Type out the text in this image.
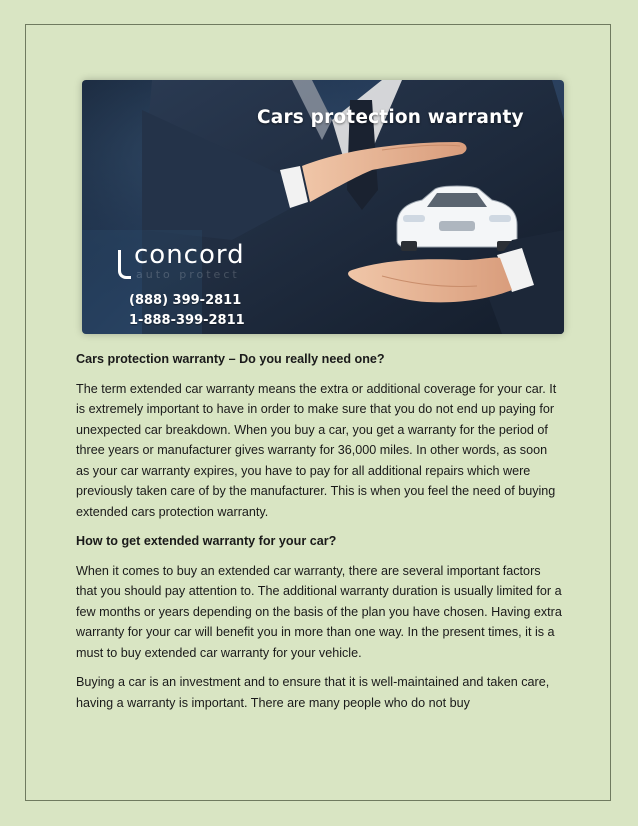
Cars protection warranty
concord
auto protect
(888) 399-2811
1-888-399-2811
Cars protection warranty – Do you really need one?

The term extended car warranty means the extra or additional coverage for your car. It is extremely important to have in order to make sure that you do not end up paying for unexpected car breakdown. When you buy a car, you get a warranty for the period of three years or manufacturer gives warranty for 36,000 miles. In other words, as soon as your car warranty expires, you have to pay for all additional repairs which were previously taken care of by the manufacturer. This is when you feel the need of buying extended cars protection warranty.

How to get extended warranty for your car?

When it comes to buy an extended car warranty, there are several important factors that you should pay attention to. The additional warranty duration is usually limited for a few months or years depending on the basis of the plan you have chosen. Having extra warranty for your car will benefit you in more than one way. In the present times, it is a must to buy extended car warranty for your vehicle.

Buying a car is an investment and to ensure that it is well-maintained and taken care, having a warranty is important. There are many people who do not buy
